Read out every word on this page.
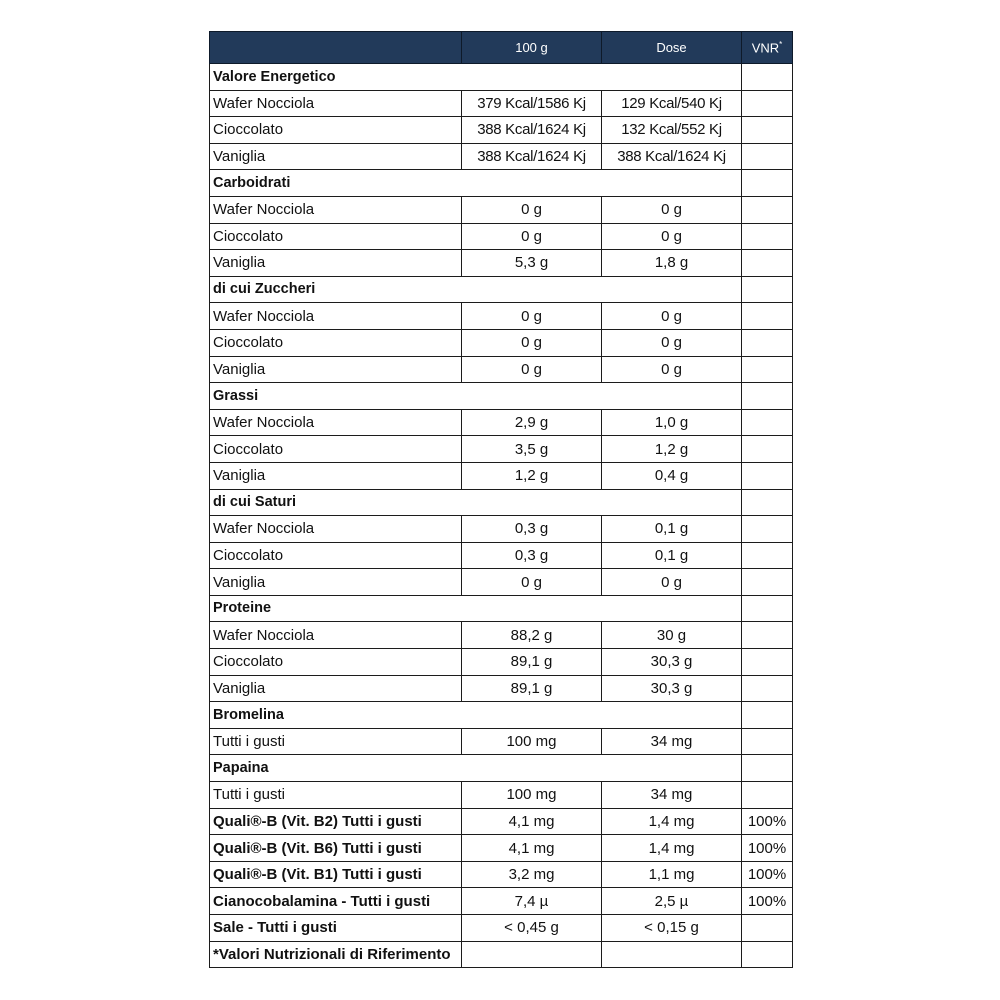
	100 g	Dose	VNR*
Valore Energetico			
Wafer Nocciola	379 Kcal/1586 Kj	129 Kcal/540 Kj	
Cioccolato	388 Kcal/1624 Kj	132 Kcal/552 Kj	
Vaniglia	388 Kcal/1624 Kj	388 Kcal/1624 Kj	
Carboidrati			
Wafer Nocciola	0 g	0 g	
Cioccolato	0 g	0 g	
Vaniglia	5,3 g	1,8 g	
di cui Zuccheri			
Wafer Nocciola	0 g	0 g	
Cioccolato	0 g	0 g	
Vaniglia	0 g	0 g	
Grassi			
Wafer Nocciola	2,9 g	1,0 g	
Cioccolato	3,5 g	1,2 g	
Vaniglia	1,2 g	0,4 g	
di cui Saturi			
Wafer Nocciola	0,3 g	0,1 g	
Cioccolato	0,3 g	0,1 g	
Vaniglia	0 g	0 g	
Proteine			
Wafer Nocciola	88,2 g	30 g	
Cioccolato	89,1 g	30,3 g	
Vaniglia	89,1 g	30,3 g	
Bromelina			
Tutti i gusti	100 mg	34 mg	
Papaina			
Tutti i gusti	100 mg	34 mg	
Quali®-B (Vit. B2) Tutti i gusti	4,1 mg	1,4 mg	100%
Quali®-B (Vit. B6) Tutti i gusti	4,1 mg	1,4 mg	100%
Quali®-B (Vit. B1) Tutti i gusti	3,2 mg	1,1 mg	100%
Cianocobalamina - Tutti i gusti	7,4 µ	2,5 µ	100%
Sale - Tutti i gusti	< 0,45 g	< 0,15 g	
*Valori Nutrizionali di Riferimento			
